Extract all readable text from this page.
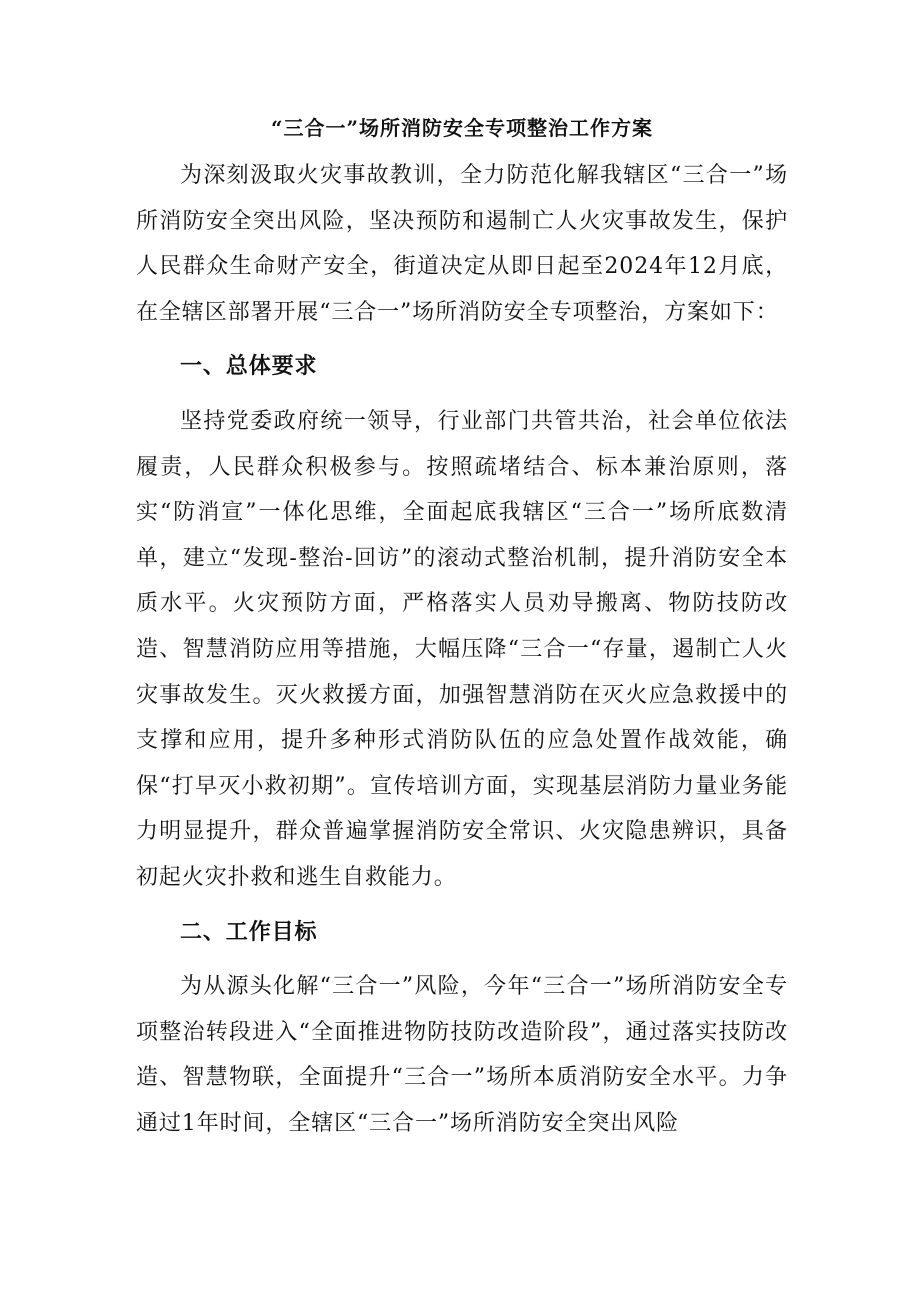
“三合一”场所消防安全专项整治工作方案

为深刻汲取火灾事故教训，全力防范化解我辖区“三合一”场所消防安全突出风险，坚决预防和遏制亡人火灾事故发生，保护人民群众生命财产安全，街道决定从即日起至2024年12月底，在全辖区部署开展“三合一”场所消防安全专项整治，方案如下：

一、总体要求

坚持党委政府统一领导，行业部门共管共治，社会单位依法履责，人民群众积极参与。按照疏堵结合、标本兼治原则，落实“防消宣”一体化思维，全面起底我辖区“三合一”场所底数清单，建立“发现-整治-回访”的滚动式整治机制，提升消防安全本质水平。火灾预防方面，严格落实人员劝导搬离、物防技防改造、智慧消防应用等措施，大幅压降“三合一“存量，遏制亡人火灾事故发生。灭火救援方面，加强智慧消防在灭火应急救援中的支撑和应用，提升多种形式消防队伍的应急处置作战效能，确保“打早灭小救初期”。宣传培训方面，实现基层消防力量业务能力明显提升，群众普遍掌握消防安全常识、火灾隐患辨识，具备初起火灾扑救和逃生自救能力。

二、工作目标

为从源头化解“三合一”风险，今年“三合一”场所消防安全专项整治转段进入“全面推进物防技防改造阶段”，通过落实技防改造、智慧物联，全面提升“三合一”场所本质消防安全水平。力争通过1年时间，全辖区“三合一”场所消防安全突出风险
